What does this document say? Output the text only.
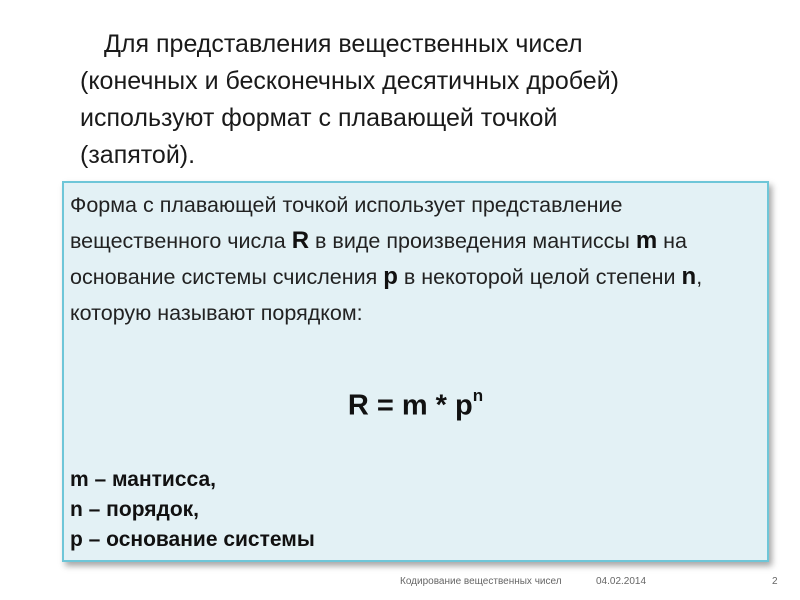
Для представления вещественных чисел
(конечных и бесконечных десятичных дробей)
используют формат с плавающей точкой
(запятой).
Форма с плавающей точкой использует представление вещественного числа R в виде произведения мантиссы m на основание системы счисления p в некоторой целой степени n, которую называют порядком:
$R = m * p^n$
m – мантисса,
n – порядок,
p – основание системы
Кодирование вещественных чисел	04.02.2014	2
